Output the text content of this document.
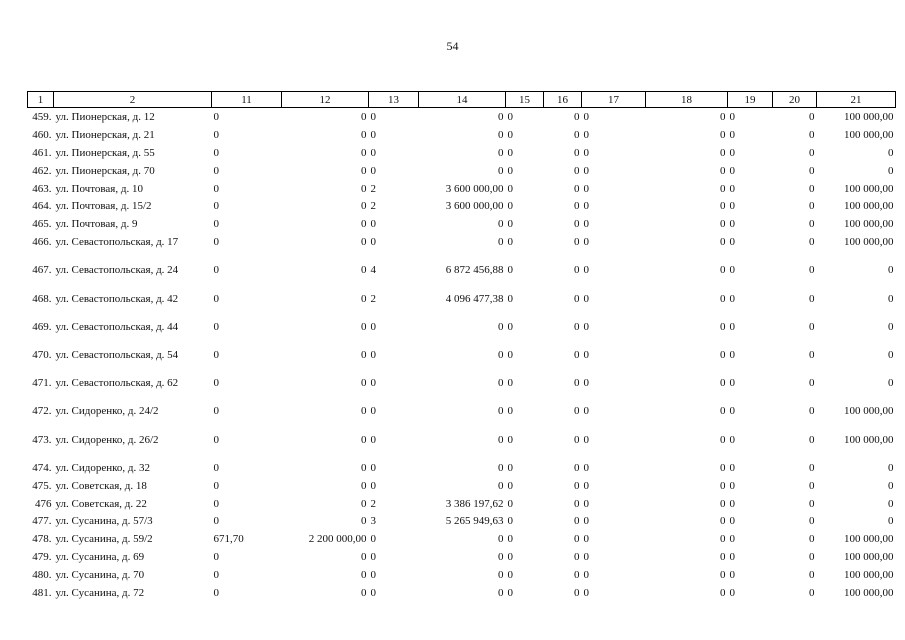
54
1	2	11	12	13	14	15	16	17	18	19	20	21
459.	ул. Пионерская, д. 12	0	0	0	0	0	0	0	0	0	0	100 000,00
460.	ул. Пионерская, д. 21	0	0	0	0	0	0	0	0	0	0	100 000,00
461.	ул. Пионерская, д. 55	0	0	0	0	0	0	0	0	0	0	0
462.	ул. Пионерская, д. 70	0	0	0	0	0	0	0	0	0	0	0
463.	ул. Почтовая, д. 10	0	0	2	3 600 000,00	0	0	0	0	0	0	100 000,00
464.	ул. Почтовая, д. 15/2	0	0	2	3 600 000,00	0	0	0	0	0	0	100 000,00
465.	ул. Почтовая, д. 9	0	0	0	0	0	0	0	0	0	0	100 000,00
466.	ул. Севастопольская, д. 17	0	0	0	0	0	0	0	0	0	0	100 000,00
467.	ул. Севастопольская, д. 24	0	0	4	6 872 456,88	0	0	0	0	0	0	0
468.	ул. Севастопольская, д. 42	0	0	2	4 096 477,38	0	0	0	0	0	0	0
469.	ул. Севастопольская, д. 44	0	0	0	0	0	0	0	0	0	0	0
470.	ул. Севастопольская, д. 54	0	0	0	0	0	0	0	0	0	0	0
471.	ул. Севастопольская, д. 62	0	0	0	0	0	0	0	0	0	0	0
472.	ул. Сидоренко, д. 24/2	0	0	0	0	0	0	0	0	0	0	100 000,00
473.	ул. Сидоренко, д. 26/2	0	0	0	0	0	0	0	0	0	0	100 000,00
474.	ул. Сидоренко, д. 32	0	0	0	0	0	0	0	0	0	0	0
475.	ул. Советская, д. 18	0	0	0	0	0	0	0	0	0	0	0
476	ул. Советская, д. 22	0	0	2	3 386 197,62	0	0	0	0	0	0	0
477.	ул. Сусанина, д. 57/3	0	0	3	5 265 949,63	0	0	0	0	0	0	0
478.	ул. Сусанина, д. 59/2	671,70	2 200 000,00	0	0	0	0	0	0	0	0	100 000,00
479.	ул. Сусанина, д. 69	0	0	0	0	0	0	0	0	0	0	100 000,00
480.	ул. Сусанина, д. 70	0	0	0	0	0	0	0	0	0	0	100 000,00
481.	ул. Сусанина, д. 72	0	0	0	0	0	0	0	0	0	0	100 000,00
